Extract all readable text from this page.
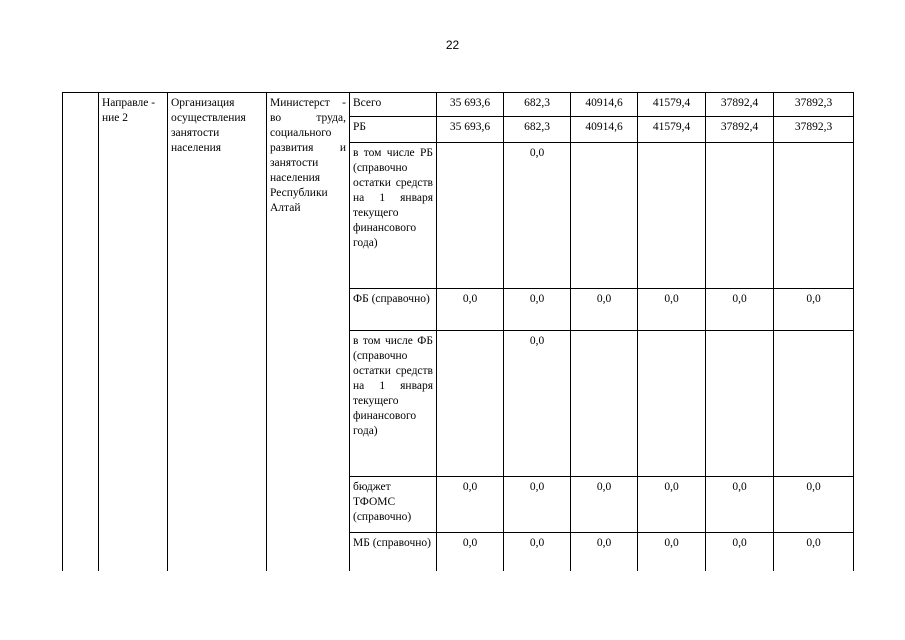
22
	Направле - ние 2	Организация осуществления занятости населения	Министерст - во труда, социального развития и занятости населения Республики Алтай	Всего	35 693,6	682,3	40914,6	41579,4	37892,4	37892,3
				РБ	35 693,6	682,3	40914,6	41579,4	37892,4	37892,3
				в том числе РБ (справочно остатки средств на 1 января текущего финансового года)		0,0				
				ФБ (справочно)	0,0	0,0	0,0	0,0	0,0	0,0
				в том числе ФБ (справочно остатки средств на 1 января текущего финансового года)		0,0				
				бюджет ТФОМС (справочно)	0,0	0,0	0,0	0,0	0,0	0,0
				МБ (справочно)	0,0	0,0	0,0	0,0	0,0	0,0
